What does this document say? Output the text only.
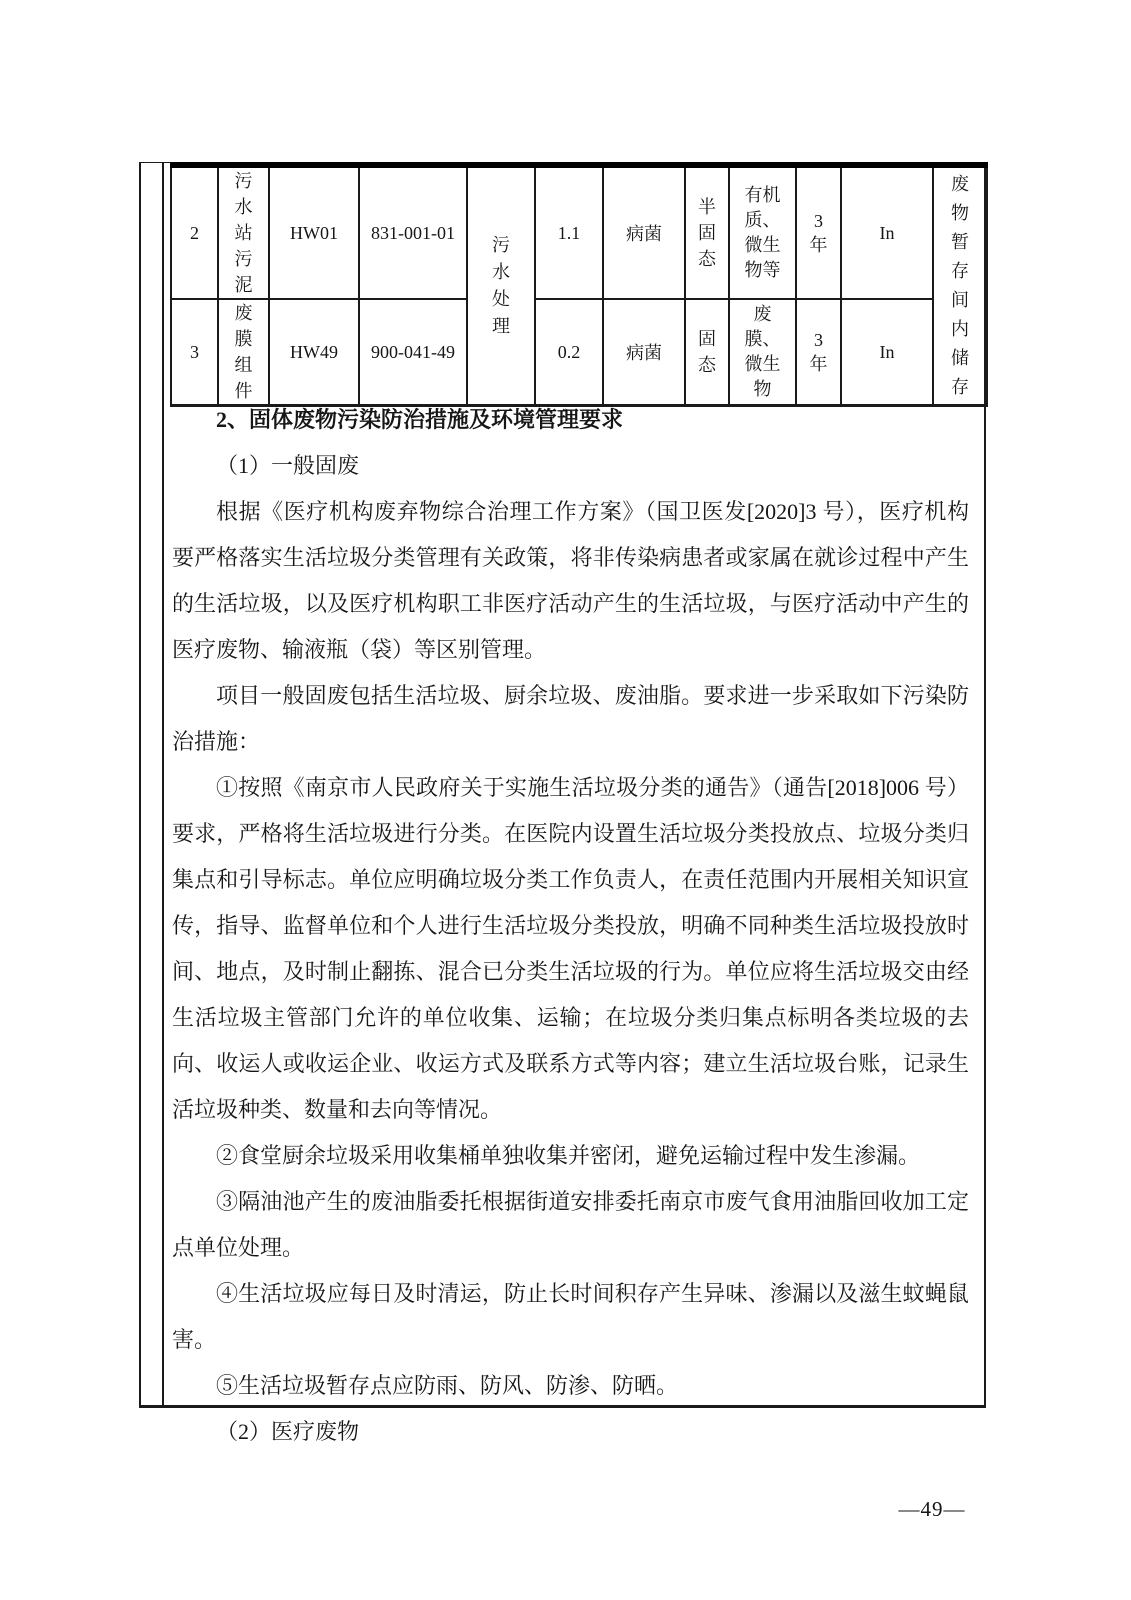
2	污水站污泥	HW01	831-001-01	污水处理	1.1	病菌	半固态	有机质、微生物等	3年	In	废物暂存间内储存

3	废膜组件	HW49	900-041-49		0.2	病菌	固态	废膜、微生物	3年	In	

2、固体废物污染防治措施及环境管理要求

（1）一般固废

根据《医疗机构废弃物综合治理工作方案》（国卫医发[2020]3 号），医疗机构要严格落实生活垃圾分类管理有关政策，将非传染病患者或家属在就诊过程中产生的生活垃圾，以及医疗机构职工非医疗活动产生的生活垃圾，与医疗活动中产生的医疗废物、输液瓶（袋）等区别管理。

项目一般固废包括生活垃圾、厨余垃圾、废油脂。要求进一步采取如下污染防治措施：

①按照《南京市人民政府关于实施生活垃圾分类的通告》（通告[2018]006 号）要求，严格将生活垃圾进行分类。在医院内设置生活垃圾分类投放点、垃圾分类归集点和引导标志。单位应明确垃圾分类工作负责人，在责任范围内开展相关知识宣传，指导、监督单位和个人进行生活垃圾分类投放，明确不同种类生活垃圾投放时间、地点，及时制止翻拣、混合已分类生活垃圾的行为。单位应将生活垃圾交由经生活垃圾主管部门允许的单位收集、运输；在垃圾分类归集点标明各类垃圾的去向、收运人或收运企业、收运方式及联系方式等内容；建立生活垃圾台账，记录生活垃圾种类、数量和去向等情况。

②食堂厨余垃圾采用收集桶单独收集并密闭，避免运输过程中发生渗漏。

③隔油池产生的废油脂委托根据街道安排委托南京市废气食用油脂回收加工定点单位处理。

④生活垃圾应每日及时清运，防止长时间积存产生异味、渗漏以及滋生蚊蝇鼠害。

⑤生活垃圾暂存点应防雨、防风、防渗、防晒。

（2）医疗废物

—49—
